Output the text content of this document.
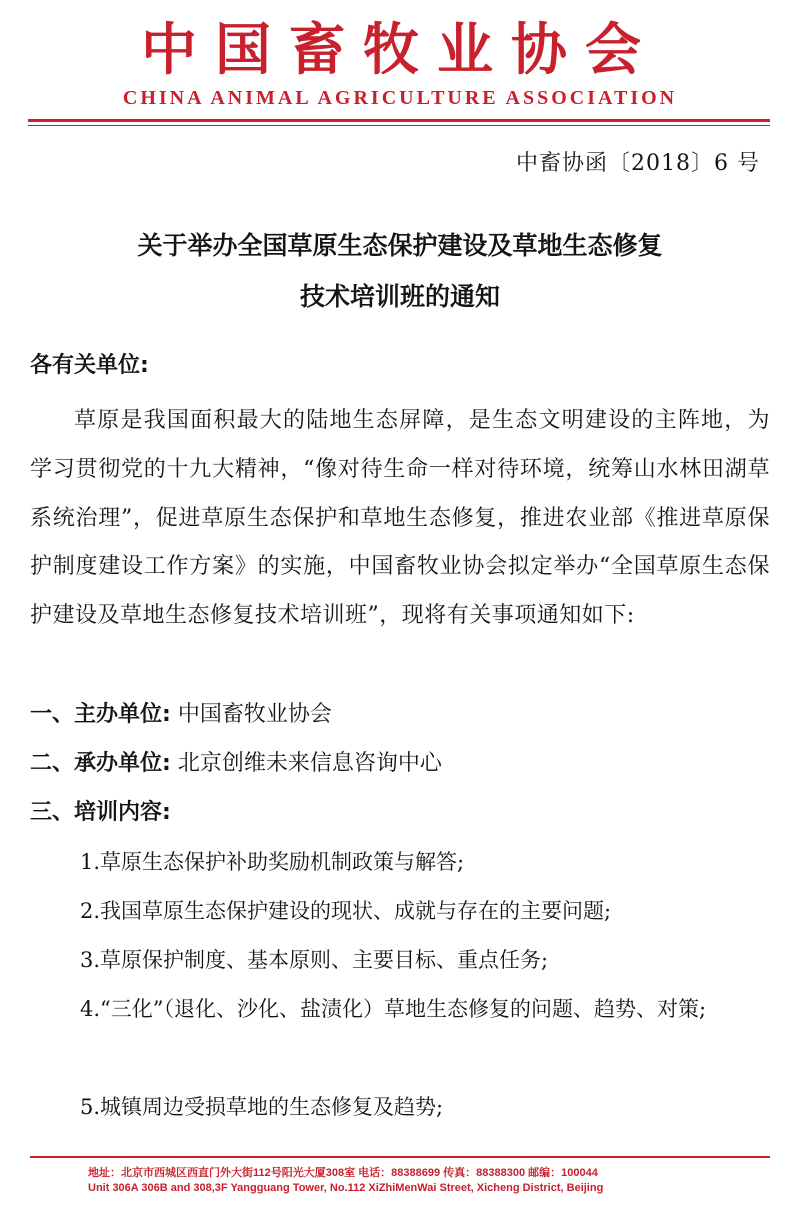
中国畜牧业协会
CHINA ANIMAL AGRICULTURE ASSOCIATION
中畜协函〔2018〕6 号
关于举办全国草原生态保护建设及草地生态修复
技术培训班的通知
各有关单位:
草原是我国面积最大的陆地生态屏障，是生态文明建设的主阵地，为学习贯彻党的十九大精神，“像对待生命一样对待环境，统筹山水林田湖草系统治理”，促进草原生态保护和草地生态修复，推进农业部《推进草原保护制度建设工作方案》的实施，中国畜牧业协会拟定举办“全国草原生态保护建设及草地生态修复技术培训班”，现将有关事项通知如下:
一、主办单位: 中国畜牧业协会
二、承办单位: 北京创维未来信息咨询中心
三、培训内容:
1.草原生态保护补助奖励机制政策与解答;
2.我国草原生态保护建设的现状、成就与存在的主要问题;
3.草原保护制度、基本原则、主要目标、重点任务;
4.“三化”（退化、沙化、盐渍化）草地生态修复的问题、趋势、对策;
5.城镇周边受损草地的生态修复及趋势;
地址：北京市西城区西直门外大街112号阳光大厦308室 电话：88388699 传真：88388300 邮编：100044
Unit 306A 306B and 308,3F Yangguang Tower, No.112 XiZhiMenWai Street, Xicheng District, Beijing
